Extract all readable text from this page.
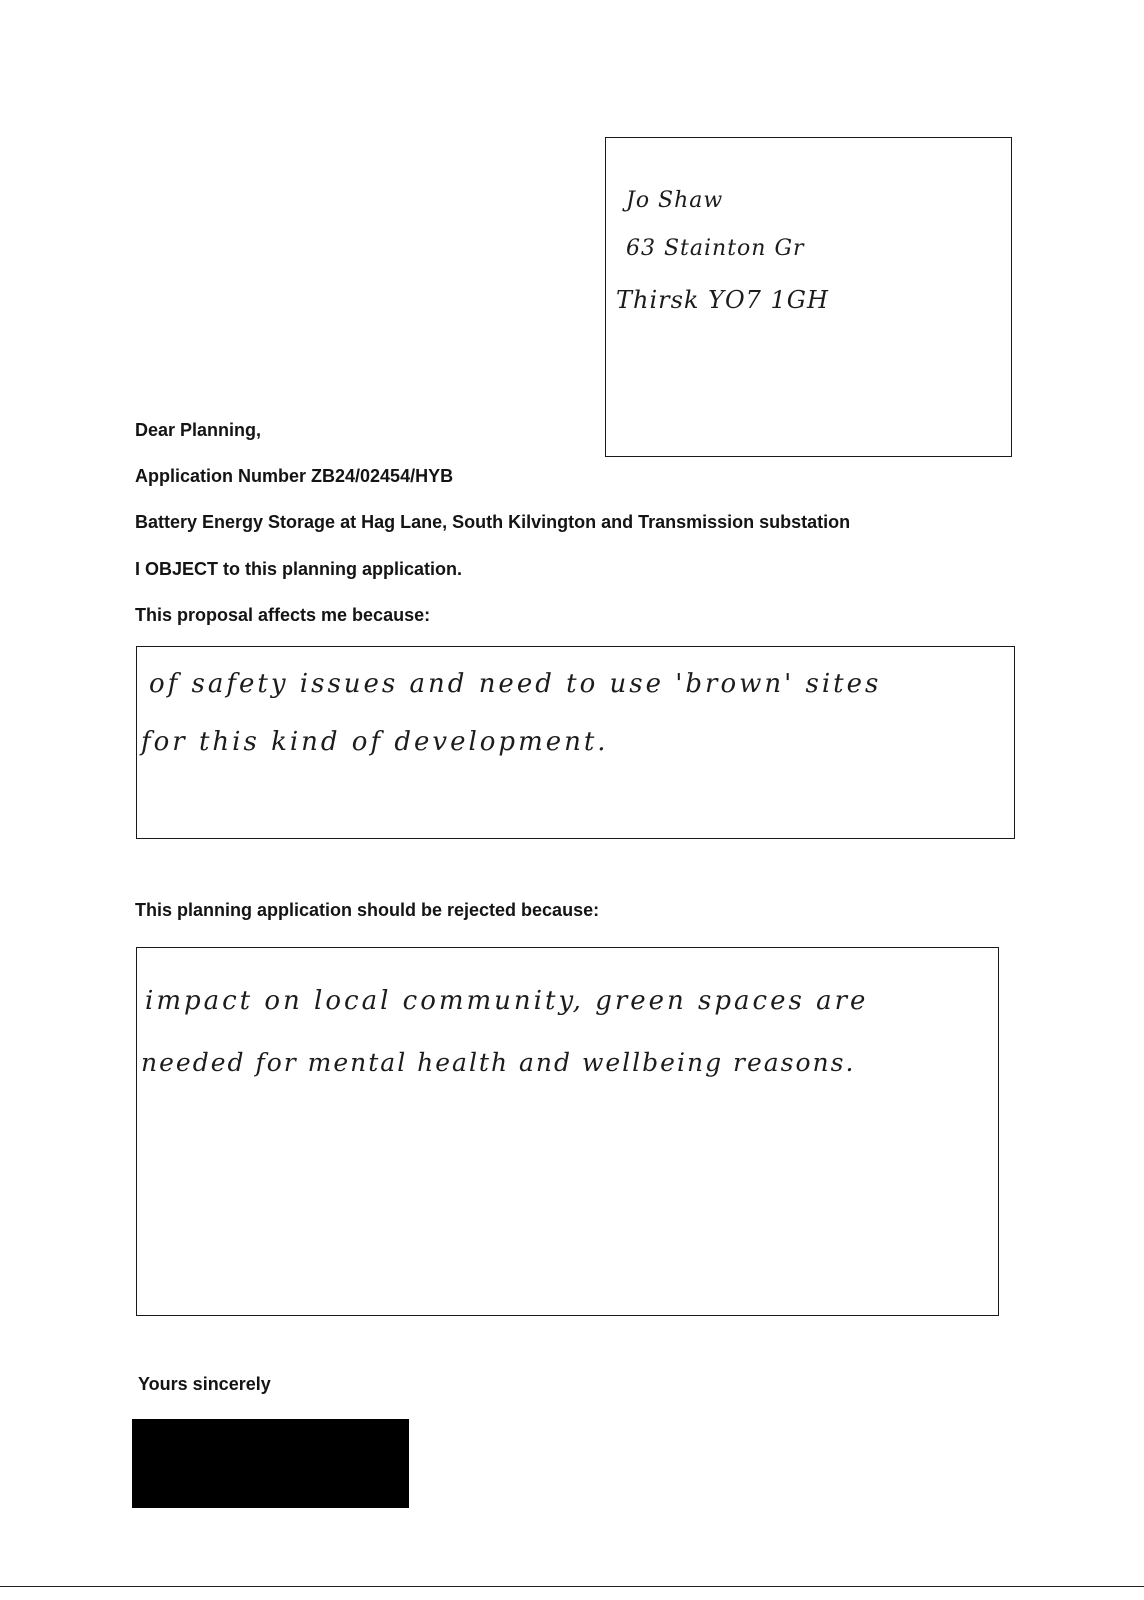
Jo Shaw
63 Stainton Gr
Thirsk YO7 1GH
Dear Planning,
Application Number ZB24/02454/HYB
Battery Energy Storage at Hag Lane, South Kilvington and Transmission substation
I OBJECT to this planning application.
This proposal affects me because:
of safety issues and need to use 'brown' sites
for this kind of development.
This planning application should be rejected because:
impact on local community, green spaces are
needed for mental health and wellbeing reasons.
Yours sincerely
